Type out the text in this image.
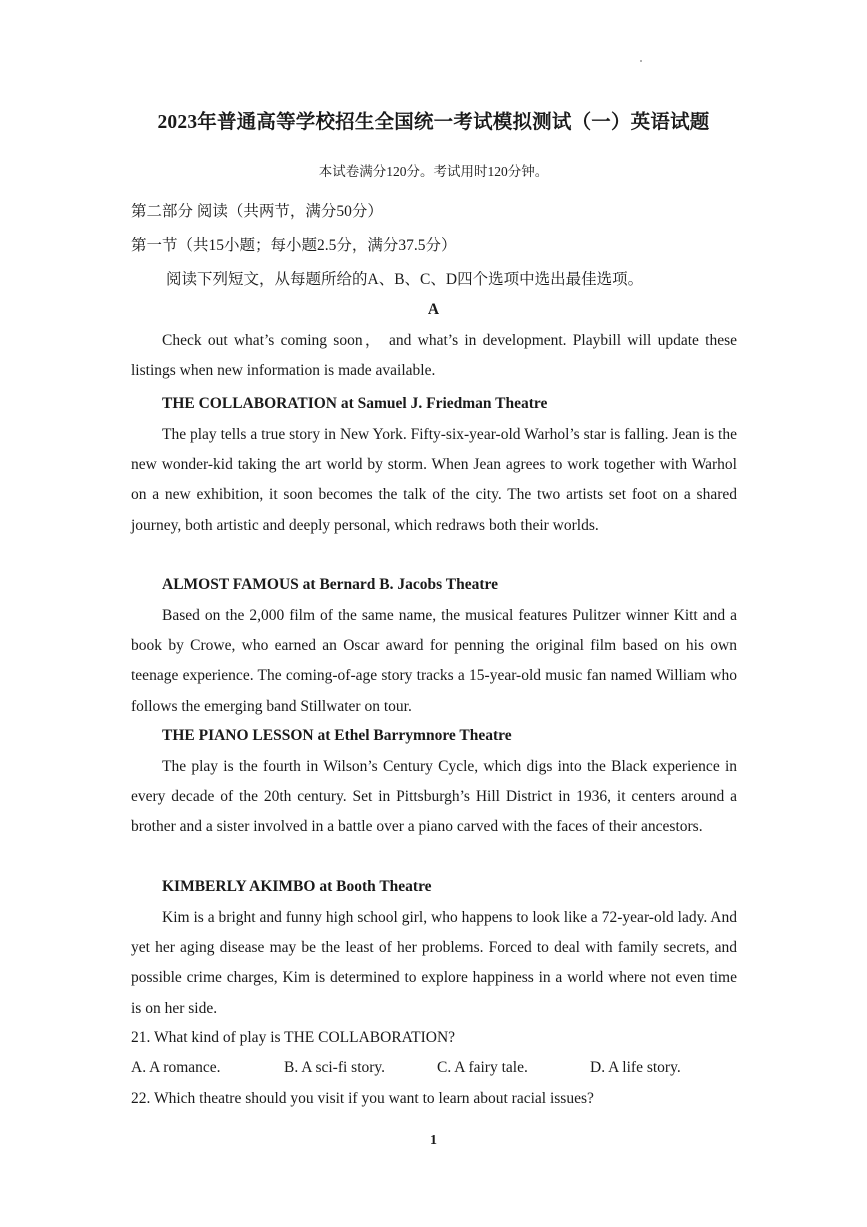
2023年普通高等学校招生全国统一考试模拟测试（一）英语试题
本试卷满分120分。考试用时120分钟。
第二部分 阅读（共两节，满分50分）
第一节（共15小题；每小题2.5分，满分37.5分）
阅读下列短文，从每题所给的A、B、C、D四个选项中选出最佳选项。
A

Check out what’s coming soon， and what’s in development. Playbill will update these listings when new information is made available.

THE COLLABORATION at Samuel J. Friedman Theatre

The play tells a true story in New York. Fifty-six-year-old Warhol’s star is falling. Jean is the new wonder-kid taking the art world by storm. When Jean agrees to work together with Warhol on a new exhibition, it soon becomes the talk of the city. The two artists set foot on a shared journey, both artistic and deeply personal, which redraws both their worlds.

ALMOST FAMOUS at Bernard B. Jacobs Theatre

Based on the 2,000 film of the same name, the musical features Pulitzer winner Kitt and a book by Crowe, who earned an Oscar award for penning the original film based on his own teenage experience. The coming-of-age story tracks a 15-year-old music fan named William who follows the emerging band Stillwater on tour.

THE PIANO LESSON at Ethel Barrymnore Theatre

The play is the fourth in Wilson’s Century Cycle, which digs into the Black experience in every decade of the 20th century. Set in Pittsburgh’s Hill District in 1936, it centers around a brother and a sister involved in a battle over a piano carved with the faces of their ancestors.

KIMBERLY AKIMBO at Booth Theatre

Kim is a bright and funny high school girl, who happens to look like a 72-year-old lady. And yet her aging disease may be the least of her problems. Forced to deal with family secrets, and possible crime charges, Kim is determined to explore happiness in a world where not even time is on her side.

21. What kind of play is THE COLLABORATION?
A. A romance.	B. A sci-fi story.	C. A fairy tale.	D. A life story.
22. Which theatre should you visit if you want to learn about racial issues?
1
